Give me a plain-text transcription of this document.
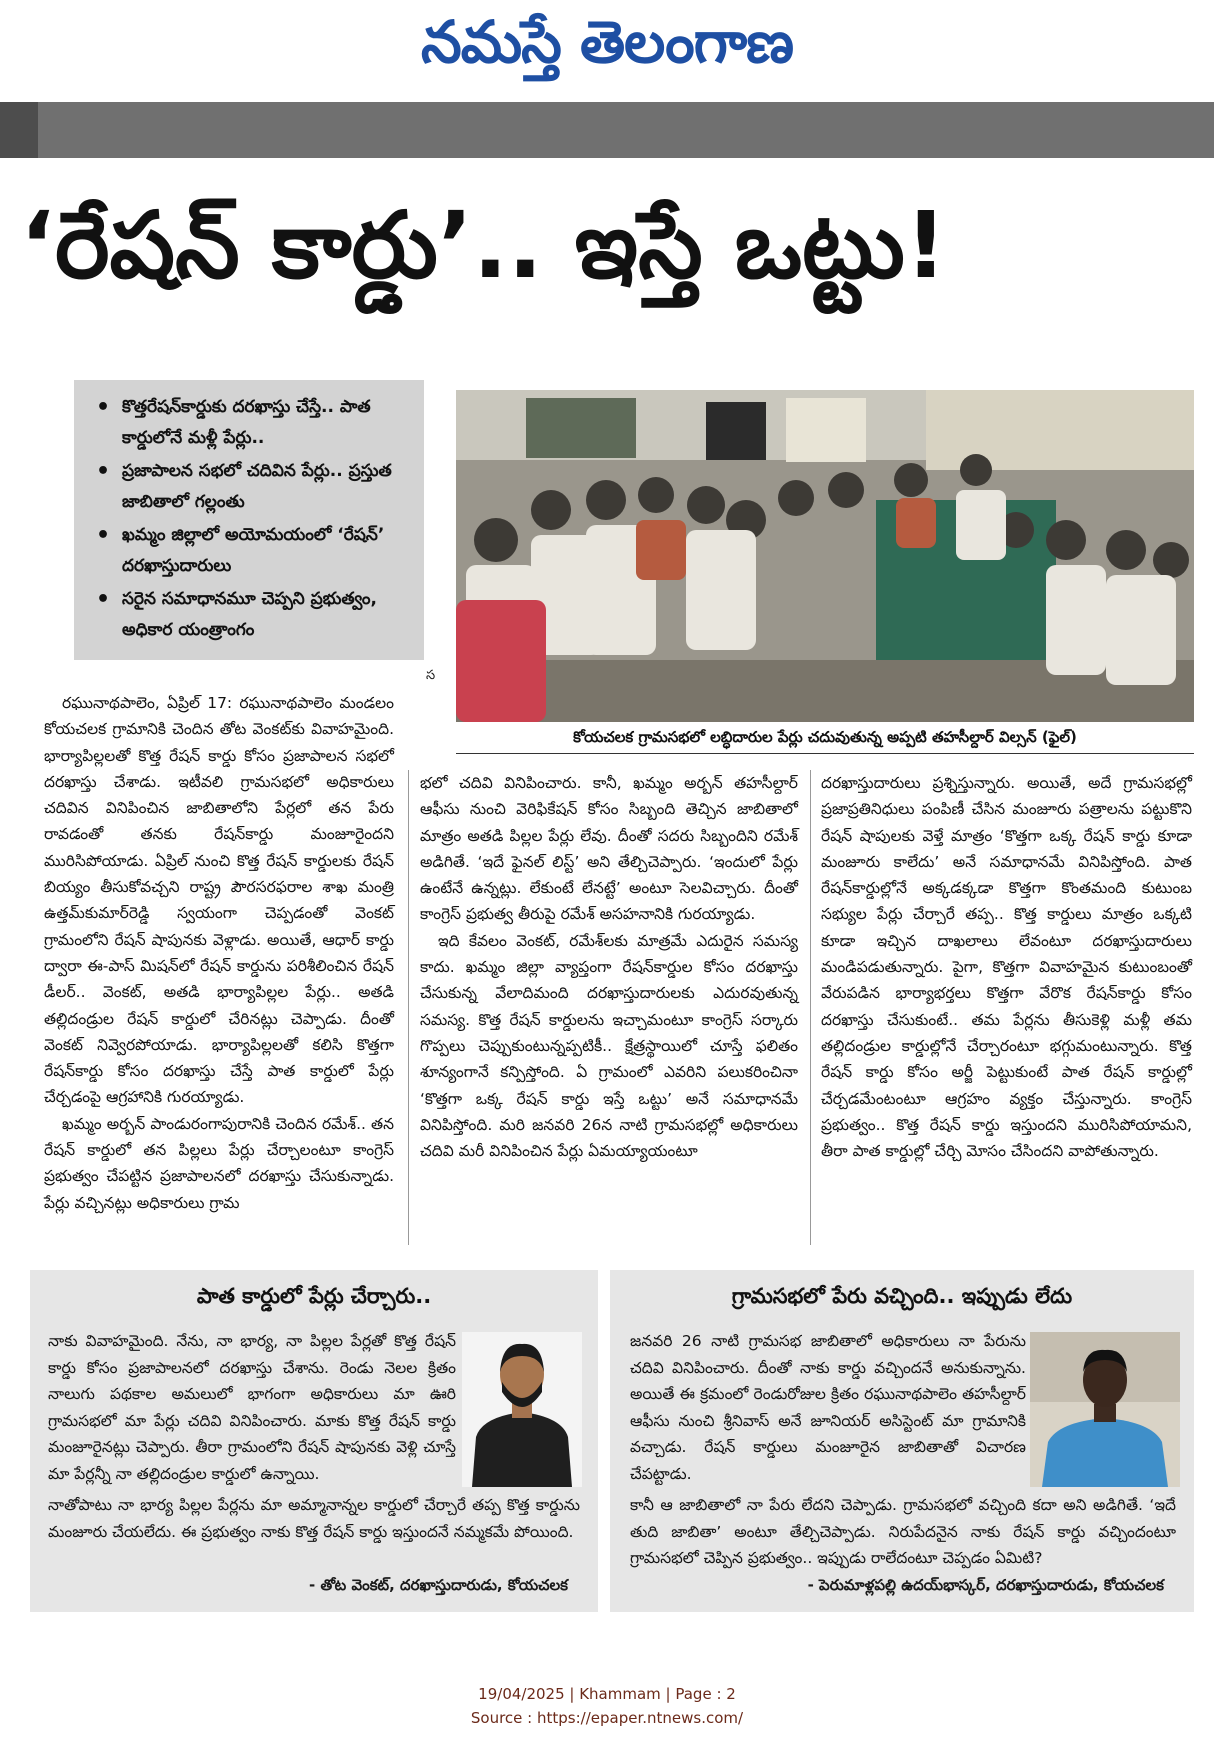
నమస్తే తెలంగాణ
‘రేషన్ కార్డు’.. ఇస్తే ఒట్టు!
• కొత్తరేషన్‌కార్డుకు దరఖాస్తు చేస్తే.. పాత కార్డులోనే మళ్లీ పేర్లు..
• ప్రజాపాలన సభలో చదివిన పేర్లు.. ప్రస్తుత జాబితాలో గల్లంతు
• ఖమ్మం జిల్లాలో అయోమయంలో ‘రేషన్’ దరఖాస్తుదారులు
• సరైన సమాధానమూ చెప్పని ప్రభుత్వం, అధికార యంత్రాంగం
స
కోయచలక గ్రామసభలో లబ్ధిదారుల పేర్లు చదువుతున్న అప్పటి తహసీల్దార్ విల్సన్ (ఫైల్)

రఘునాథపాలెం, ఏప్రిల్ 17: రఘునాథపాలెం మండలం కోయచలక గ్రామానికి చెందిన తోట వెంకట్‌కు వివాహమైంది. భార్యాపిల్లలతో కొత్త రేషన్ కార్డు కోసం ప్రజాపాలన సభలో దరఖాస్తు చేశాడు. ఇటీవలి గ్రామసభలో అధికారులు చదివిన వినిపించిన జాబితాలోని పేర్లలో తన పేరు రావడంతో తనకు రేషన్‌కార్డు మంజూరైందని మురిసిపోయాడు. ఏప్రిల్ నుంచి కొత్త రేషన్ కార్డులకు రేషన్ బియ్యం తీసుకోవచ్చని రాష్ట్ర పౌరసరఫరాల శాఖ మంత్రి ఉత్తమ్‌కుమార్‌రెడ్డి స్వయంగా చెప్పడంతో వెంకట్ గ్రామంలోని రేషన్ షాపునకు వెళ్లాడు. అయితే, ఆధార్ కార్డు ద్వారా ఈ-పాస్ మిషన్‌లో రేషన్ కార్డును పరిశీలించిన రేషన్ డీలర్.. వెంకట్, అతడి భార్యాపిల్లల పేర్లు.. అతడి తల్లిదండ్రుల రేషన్ కార్డులో చేరినట్లు చెప్పాడు. దీంతో వెంకట్ నివ్వెరపోయాడు. భార్యాపిల్లలతో కలిసి కొత్తగా రేషన్‌కార్డు కోసం దరఖాస్తు చేస్తే పాత కార్డులో పేర్లు చేర్చడంపై ఆగ్రహానికి గురయ్యాడు.

ఖమ్మం అర్బన్ పాండురంగాపురానికి చెందిన రమేశ్.. తన రేషన్ కార్డులో తన పిల్లలు పేర్లు చేర్చాలంటూ కాంగ్రెస్ ప్రభుత్వం చేపట్టిన ప్రజాపాలనలో దరఖాస్తు చేసుకున్నాడు. పేర్లు వచ్చినట్లు అధికారులు గ్రామ

భలో చదివి వినిపించారు. కానీ, ఖమ్మం అర్బన్ తహసీల్దార్ ఆఫీసు నుంచి వెరిఫికేషన్ కోసం సిబ్బంది తెచ్చిన జాబితాలో మాత్రం అతడి పిల్లల పేర్లు లేవు. దీంతో సదరు సిబ్బందిని రమేశ్ అడిగితే. ‘ఇదే ఫైనల్ లిస్ట్’ అని తేల్చిచెప్పారు. ‘ఇందులో పేర్లు ఉంటేనే ఉన్నట్లు. లేకుంటే లేనట్టే’ అంటూ సెలవిచ్చారు. దీంతో కాంగ్రెస్ ప్రభుత్వ తీరుపై రమేశ్ అసహనానికి గురయ్యాడు.

ఇది కేవలం వెంకట్, రమేశ్‌లకు మాత్రమే ఎదురైన సమస్య కాదు. ఖమ్మం జిల్లా వ్యాప్తంగా రేషన్‌కార్డుల కోసం దరఖాస్తు చేసుకున్న వేలాదిమంది దరఖాస్తుదారులకు ఎదురవుతున్న సమస్య. కొత్త రేషన్ కార్డులను ఇచ్చామంటూ కాంగ్రెస్ సర్కారు గొప్పలు చెప్పుకుంటున్నప్పటికీ.. క్షేత్రస్థాయిలో చూస్తే ఫలితం శూన్యంగానే కన్పిస్తోంది. ఏ గ్రామంలో ఎవరిని పలుకరించినా ‘కొత్తగా ఒక్క రేషన్ కార్డు ఇస్తే ఒట్టు’ అనే సమాధానమే వినిపిస్తోంది. మరి జనవరి 26న నాటి గ్రామసభల్లో అధికారులు చదివి మరీ వినిపించిన పేర్లు ఏమయ్యాయంటూ

దరఖాస్తుదారులు ప్రశ్నిస్తున్నారు. అయితే, అదే గ్రామసభల్లో ప్రజాప్రతినిధులు పంపిణీ చేసిన మంజూరు పత్రాలను పట్టుకొని రేషన్ షాపులకు వెళ్తే మాత్రం ‘కొత్తగా ఒక్క రేషన్ కార్డు కూడా మంజూరు కాలేదు’ అనే సమాధానమే వినిపిస్తోంది. పాత రేషన్‌కార్డుల్లోనే అక్కడక్కడా కొత్తగా కొంతమంది కుటుంబ సభ్యుల పేర్లు చేర్చారే తప్ప.. కొత్త కార్డులు మాత్రం ఒక్కటి కూడా ఇచ్చిన దాఖలాలు లేవంటూ దరఖాస్తుదారులు మండిపడుతున్నారు. పైగా, కొత్తగా వివాహమైన కుటుంబంతో వేరుపడిన భార్యాభర్తలు కొత్తగా వేరొక రేషన్‌కార్డు కోసం దరఖాస్తు చేసుకుంటే.. తమ పేర్లను తీసుకెళ్లి మళ్లీ తమ తల్లిదండ్రుల కార్డుల్లోనే చేర్చారంటూ భగ్గుమంటున్నారు. కొత్త రేషన్ కార్డు కోసం అర్జీ పెట్టుకుంటే పాత రేషన్ కార్డుల్లో చేర్చడమేంటంటూ ఆగ్రహం వ్యక్తం చేస్తున్నారు. కాంగ్రెస్ ప్రభుత్వం.. కొత్త రేషన్ కార్డు ఇస్తుందని మురిసిపోయామని, తీరా పాత కార్డుల్లో చేర్చి మోసం చేసిందని వాపోతున్నారు.

పాత కార్డులో పేర్లు చేర్చారు..
నాకు వివాహమైంది. నేను, నా భార్య, నా పిల్లల పేర్లతో కొత్త రేషన్ కార్డు కోసం ప్రజాపాలనలో దరఖాస్తు చేశాను. రెండు నెలల క్రితం నాలుగు పథకాల అమలులో భాగంగా అధికారులు మా ఊరి గ్రామసభలో మా పేర్లు చదివి వినిపించారు. మాకు కొత్త రేషన్ కార్డు మంజూరైనట్లు చెప్పారు. తీరా గ్రామంలోని రేషన్ షాపునకు వెళ్లి చూస్తే మా పేర్లన్నీ నా తల్లిదండ్రుల కార్డులో ఉన్నాయి.
నాతోపాటు నా భార్య పిల్లల పేర్లను మా అమ్మానాన్నల కార్డులో చేర్చారే తప్ప కొత్త కార్డును మంజూరు చేయలేదు. ఈ ప్రభుత్వం నాకు కొత్త రేషన్ కార్డు ఇస్తుందనే నమ్మకమే పోయింది.
- తోట వెంకట్, దరఖాస్తుదారుడు, కోయచలక
గ్రామసభలో పేరు వచ్చింది.. ఇప్పుడు లేదు
జనవరి 26 నాటి గ్రామసభ జాబితాలో అధికారులు నా పేరును చదివి వినిపించారు. దీంతో నాకు కార్డు వచ్చిందనే అనుకున్నాను. అయితే ఈ క్రమంలో రెండురోజుల క్రితం రఘునాథపాలెం తహసీల్దార్ ఆఫీసు నుంచి శ్రీనివాస్ అనే జూనియర్ అసిస్టెంట్ మా గ్రామానికి వచ్చాడు. రేషన్ కార్డులు మంజూరైన జాబితాతో విచారణ చేపట్టాడు.
కానీ ఆ జాబితాలో నా పేరు లేదని చెప్పాడు. గ్రామసభలో వచ్చింది కదా అని అడిగితే. ‘ఇదే తుది జాబితా’ అంటూ తేల్చిచెప్పాడు. నిరుపేదనైన నాకు రేషన్ కార్డు వచ్చిందంటూ గ్రామసభలో చెప్పిన ప్రభుత్వం.. ఇప్పుడు రాలేదంటూ చెప్పడం ఏమిటి?
- పెరుమాళ్లపల్లి ఉదయ్‌భాస్కర్, దరఖాస్తుదారుడు, కోయచలక
19/04/2025 | Khammam | Page : 2
Source : https://epaper.ntnews.com/
